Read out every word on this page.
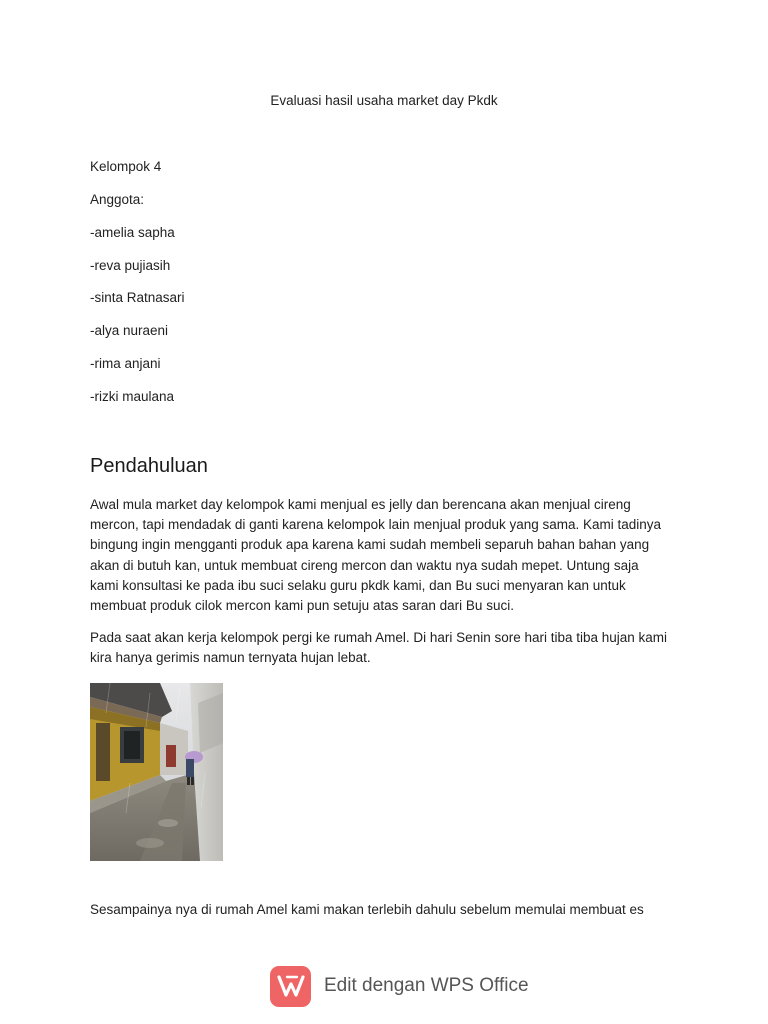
Evaluasi hasil usaha market day Pkdk
Kelompok 4
Anggota:
-amelia sapha
-reva pujiasih
-sinta Ratnasari
-alya nuraeni
-rima anjani
-rizki maulana
Pendahuluan
Awal mula market day kelompok kami menjual es jelly dan berencana akan menjual cireng
mercon, tapi mendadak di ganti karena kelompok lain menjual produk yang sama. Kami tadinya
bingung ingin mengganti produk apa karena kami sudah membeli separuh bahan bahan yang
akan di butuh kan, untuk membuat cireng mercon dan waktu nya sudah mepet. Untung saja
kami konsultasi ke pada ibu suci selaku guru pkdk kami, dan Bu suci menyaran kan untuk
membuat produk cilok mercon kami pun setuju atas saran dari Bu suci.
Pada saat akan kerja kelompok pergi ke rumah Amel. Di hari Senin sore hari tiba tiba hujan kami
kira hanya gerimis namun ternyata hujan lebat.
Sesampainya nya di rumah Amel kami makan terlebih dahulu sebelum memulai membuat es
Edit dengan WPS Office
